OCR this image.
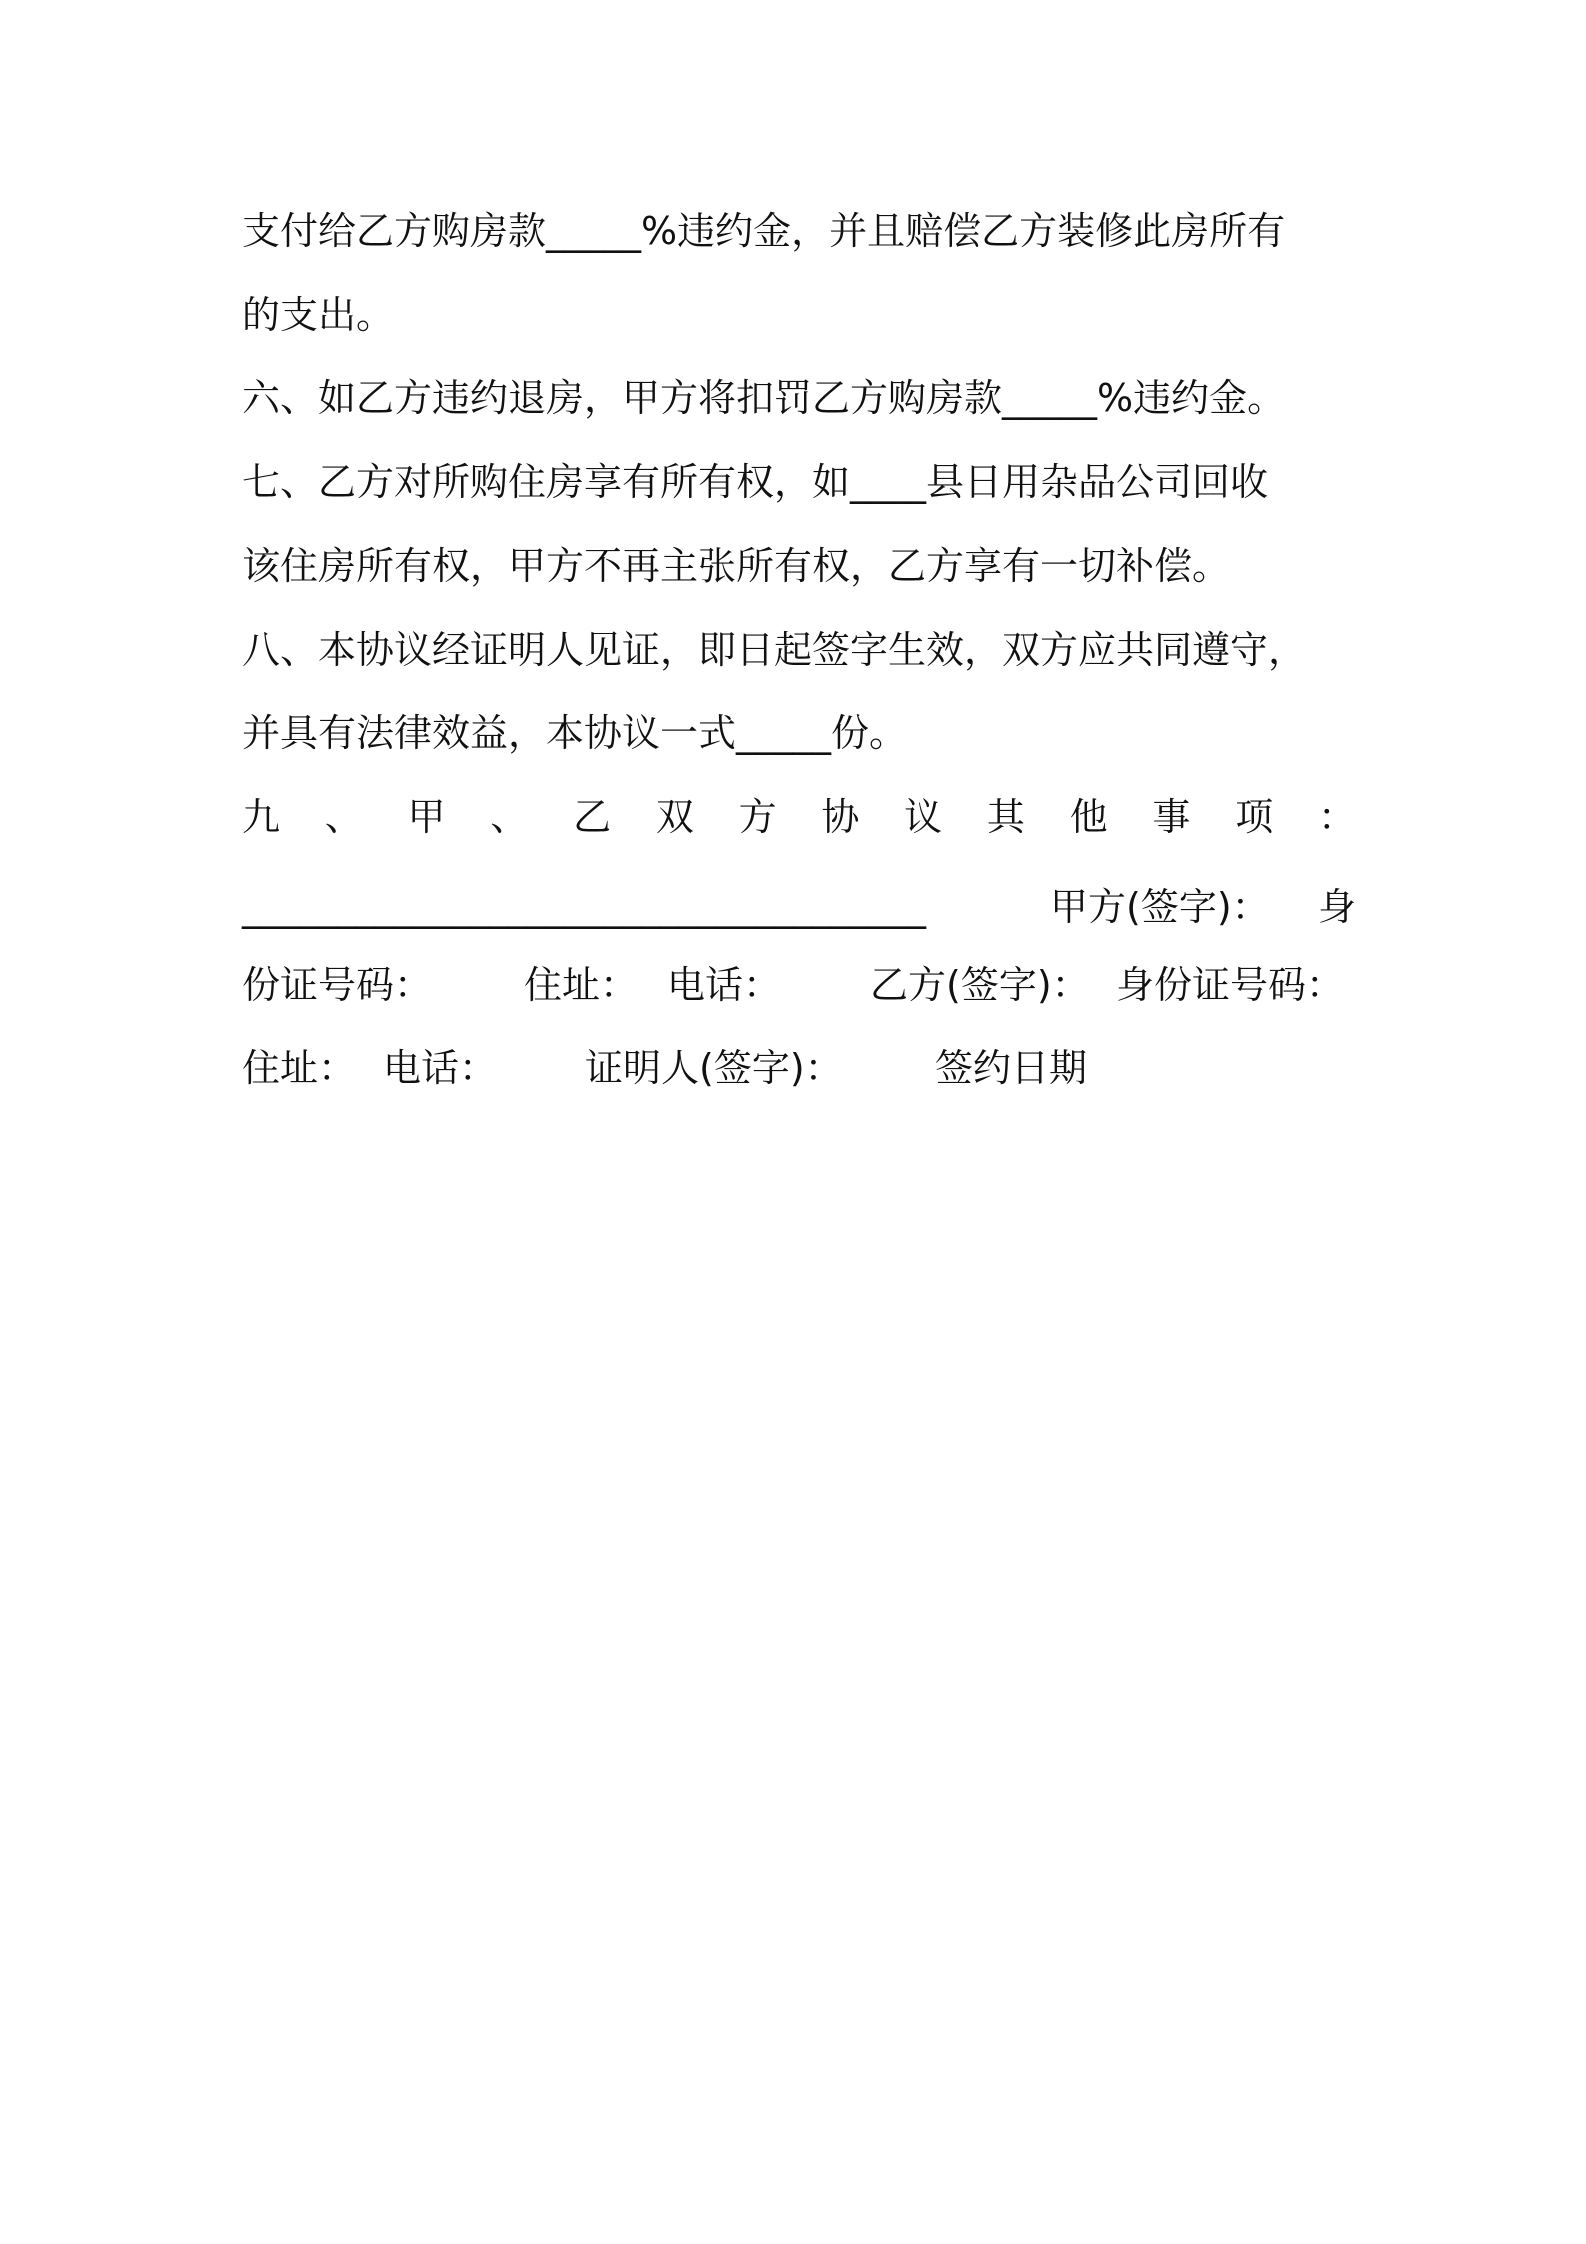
支付给乙方购房款_____%违约金，并且赔偿乙方装修此房所有
的支出。
六、如乙方违约退房，甲方将扣罚乙方购房款_____%违约金。
七、乙方对所购住房享有所有权，如____县日用杂品公司回收
该住房所有权，甲方不再主张所有权，乙方享有一切补偿。
八、本协议经证明人见证，即日起签字生效，双方应共同遵守，
并具有法律效益，本协议一式_____份。
九 、 甲 、 乙 双 方 协 议 其 他 事 项 ：
____________________________________	甲方(签字)： 身
份证号码： 住址： 电话： 乙方(签字)： 身份证号码：
住址： 电话： 证明人(签字)： 签约日期
